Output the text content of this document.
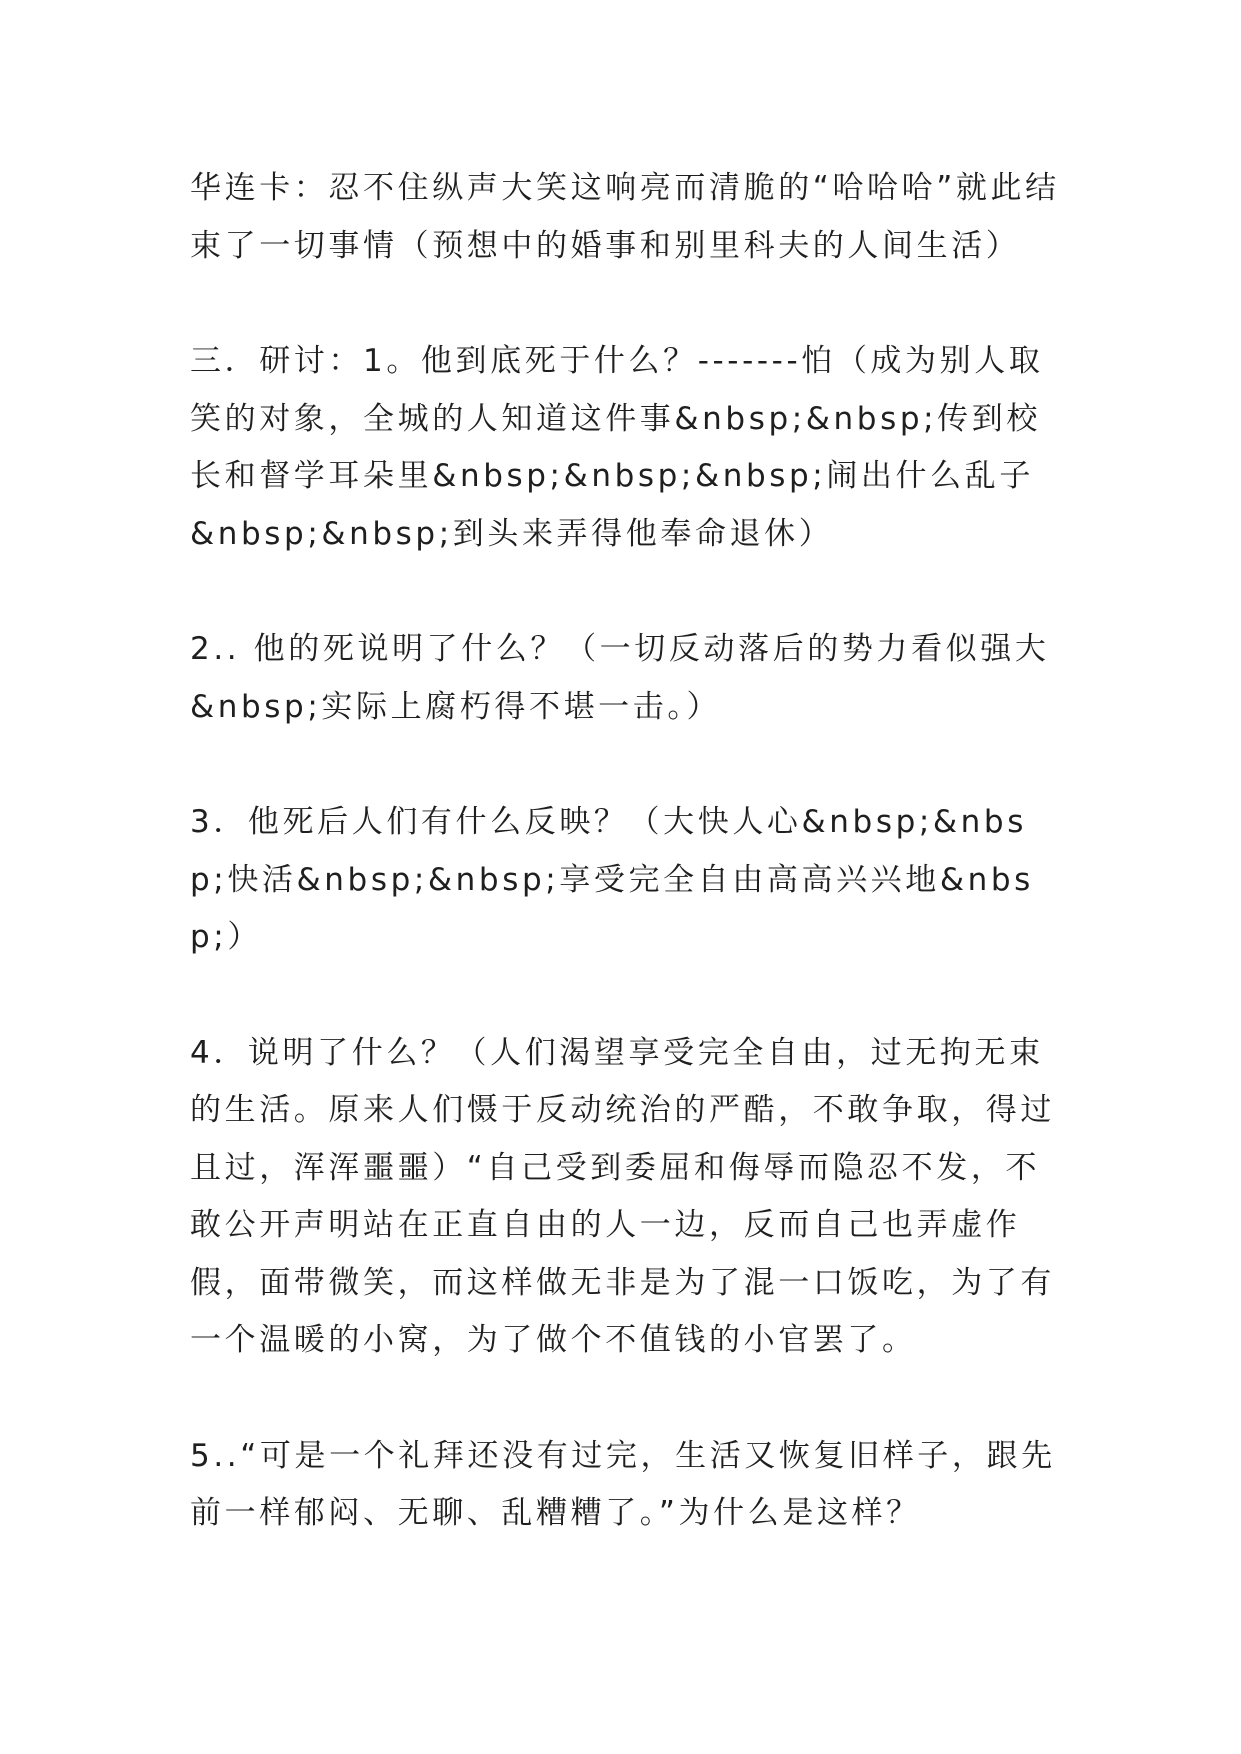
华连卡：忍不住纵声大笑这响亮而清脆的“哈哈哈”就此结束了一切事情（预想中的婚事和别里科夫的人间生活）

三．研讨：1。他到底死于什么？-------怕（成为别人取笑的对象，全城的人知道这件事&nbsp;&nbsp;传到校长和督学耳朵里&nbsp;&nbsp;&nbsp;闹出什么乱子&nbsp;&nbsp;到头来弄得他奉命退休）

2.. 他的死说明了什么？（一切反动落后的势力看似强大&nbsp;实际上腐朽得不堪一击。）

3．他死后人们有什么反映？（大快人心&nbsp;&nbsp;快活&nbsp;&nbsp;享受完全自由高高兴兴地&nbsp;）

4．说明了什么？（人们渴望享受完全自由，过无拘无束的生活。原来人们慑于反动统治的严酷，不敢争取，得过且过，浑浑噩噩）“自己受到委屈和侮辱而隐忍不发，不敢公开声明站在正直自由的人一边，反而自己也弄虚作假，面带微笑，而这样做无非是为了混一口饭吃，为了有一个温暖的小窝，为了做个不值钱的小官罢了。

5..“可是一个礼拜还没有过完，生活又恢复旧样子，跟先前一样郁闷、无聊、乱糟糟了。”为什么是这样？
